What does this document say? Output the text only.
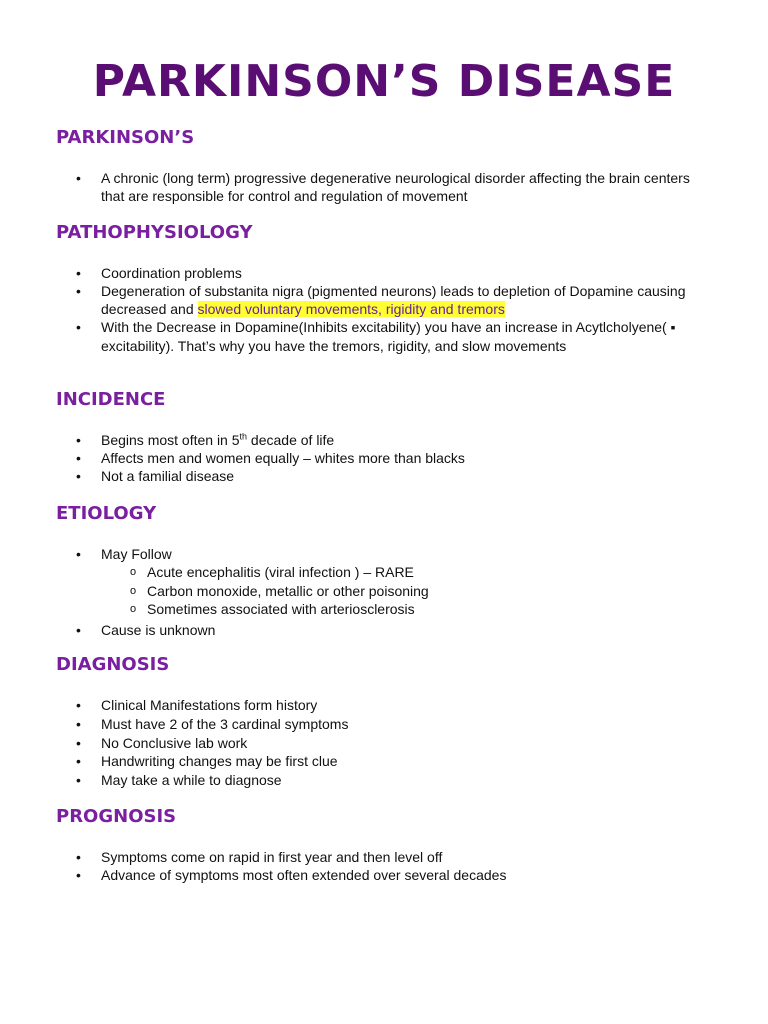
PARKINSON’S DISEASE
PARKINSON’S
• A chronic (long term) progressive degenerative neurological disorder affecting the brain centers that are responsible for control and regulation of movement
PATHOPHYSIOLOGY
• Coordination problems
• Degeneration of substanita nigra (pigmented neurons) leads to depletion of Dopamine causing decreased and slowed voluntary movements, rigidity and tremors
• With the Decrease in Dopamine(Inhibits excitability) you have an increase in Acytlcholyene( ▪ excitability). That’s why you have the tremors, rigidity, and slow movements
INCIDENCE
• Begins most often in 5th decade of life
• Affects men and women equally – whites more than blacks
• Not a familial disease
ETIOLOGY
• May Follow
o Acute encephalitis (viral infection ) – RARE
o Carbon monoxide, metallic or other poisoning
o Sometimes associated with arteriosclerosis
• Cause is unknown
DIAGNOSIS
• Clinical Manifestations form history
• Must have 2 of the 3 cardinal symptoms
• No Conclusive lab work
• Handwriting changes may be first clue
• May take a while to diagnose
PROGNOSIS
• Symptoms come on rapid in first year and then level off
• Advance of symptoms most often extended over several decades
